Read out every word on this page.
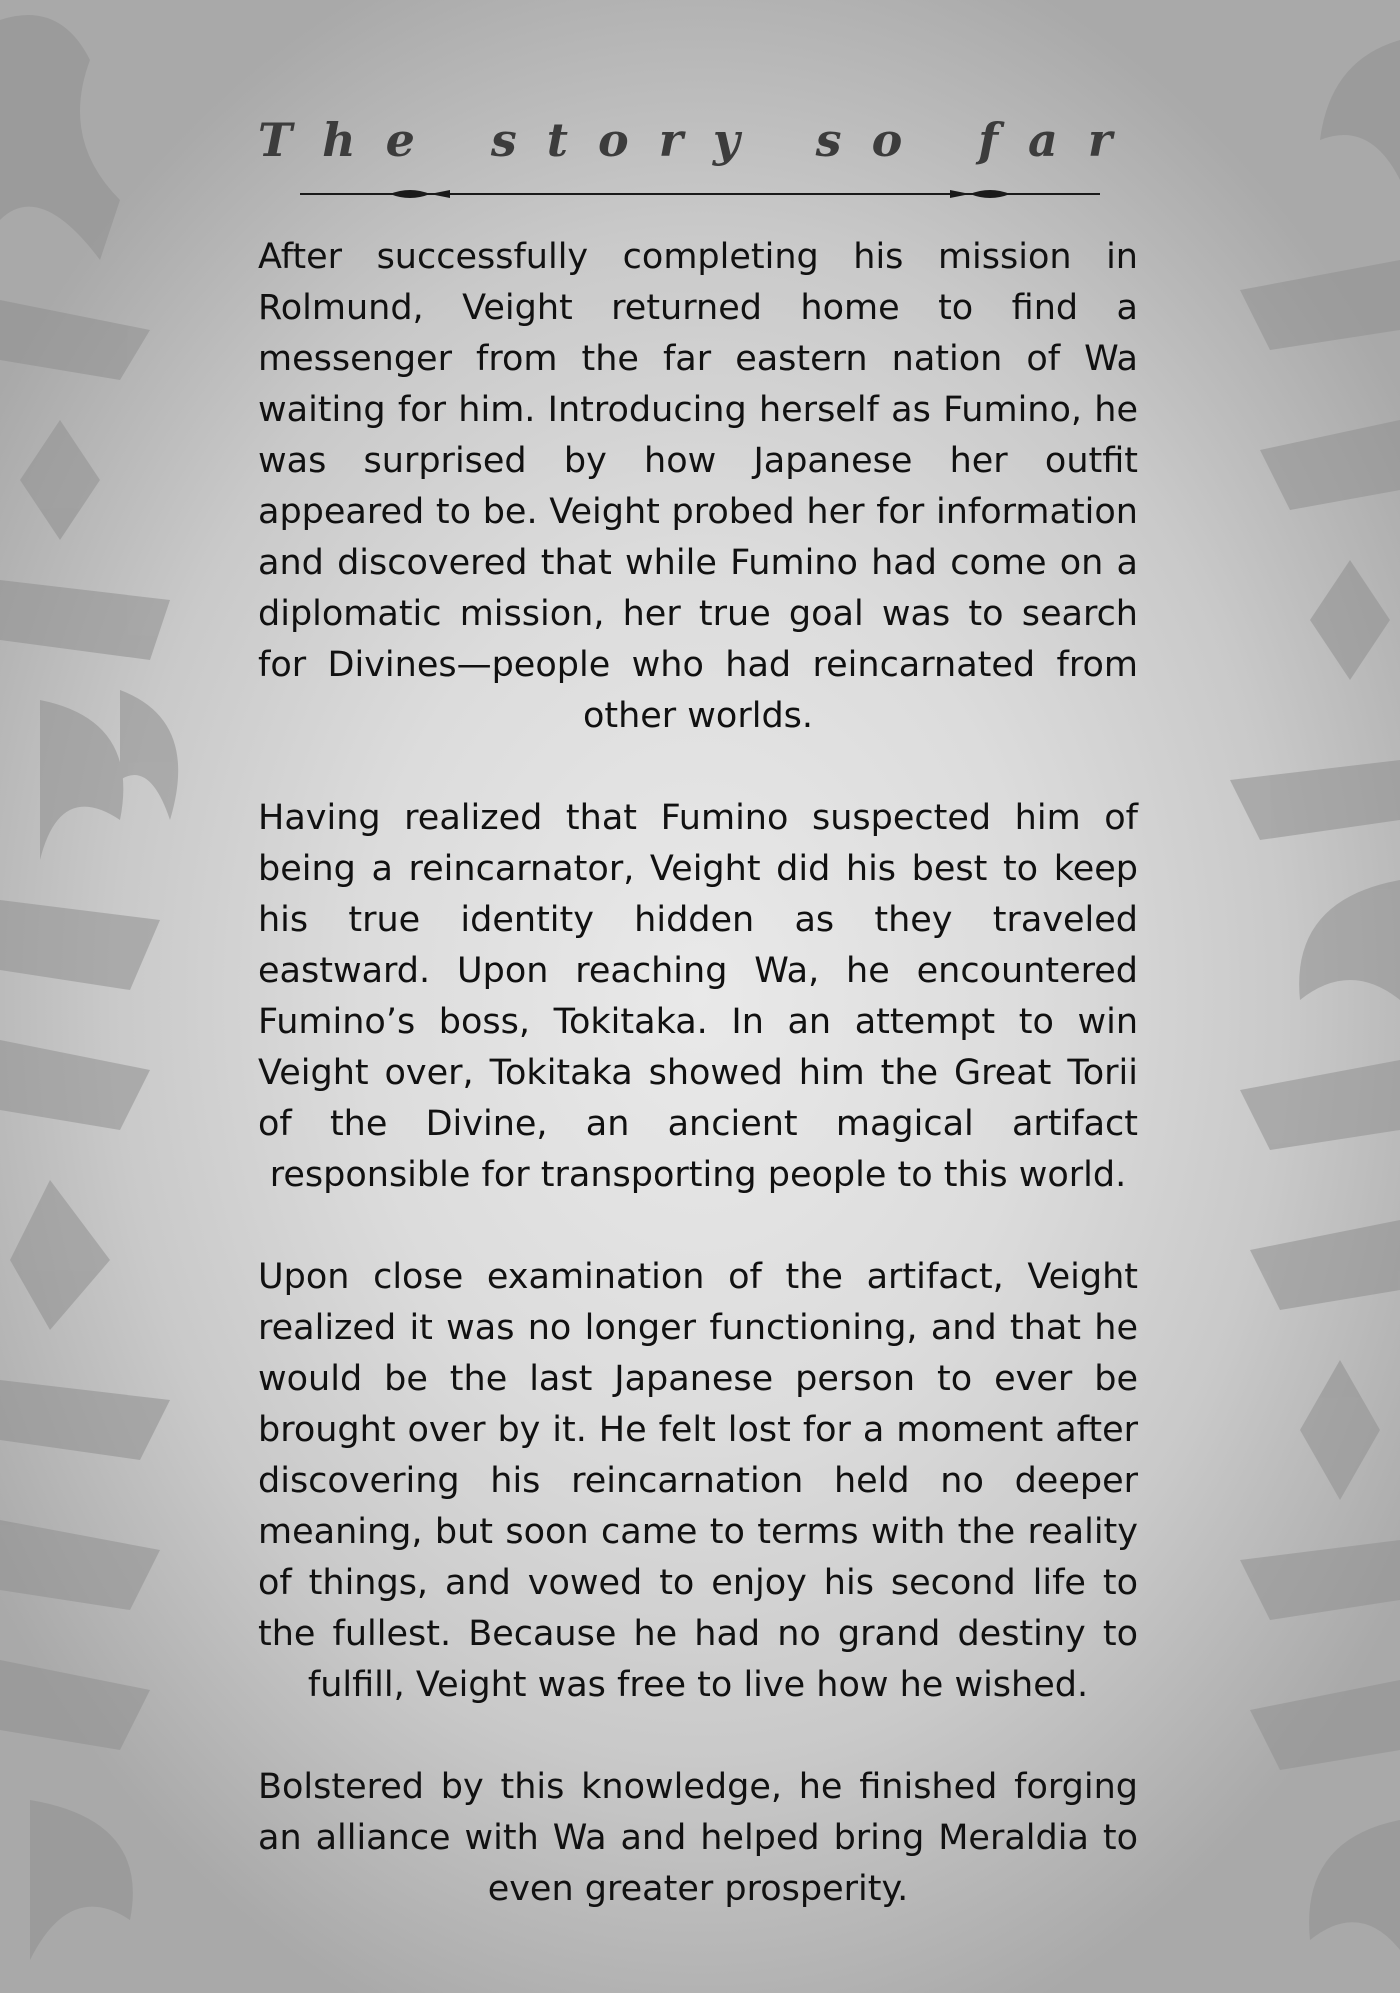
The story so far

After successfully completing his mission in Rolmund, Veight returned home to find a messenger from the far eastern nation of Wa waiting for him. Introducing herself as Fumino, he was surprised by how Japanese her outfit appeared to be. Veight probed her for information and discovered that while Fumino had come on a diplomatic mission, her true goal was to search for Divines—people who had reincarnated from other worlds.

Having realized that Fumino suspected him of being a reincarnator, Veight did his best to keep his true identity hidden as they traveled eastward. Upon reaching Wa, he encountered Fumino’s boss, Tokitaka. In an attempt to win Veight over, Tokitaka showed him the Great Torii of the Divine, an ancient magical artifact responsible for transporting people to this world.

Upon close examination of the artifact, Veight realized it was no longer functioning, and that he would be the last Japanese person to ever be brought over by it. He felt lost for a moment after discovering his reincarnation held no deeper meaning, but soon came to terms with the reality of things, and vowed to enjoy his second life to the fullest. Because he had no grand destiny to fulfill, Veight was free to live how he wished.

Bolstered by this knowledge, he finished forging an alliance with Wa and helped bring Meraldia to even greater prosperity.
